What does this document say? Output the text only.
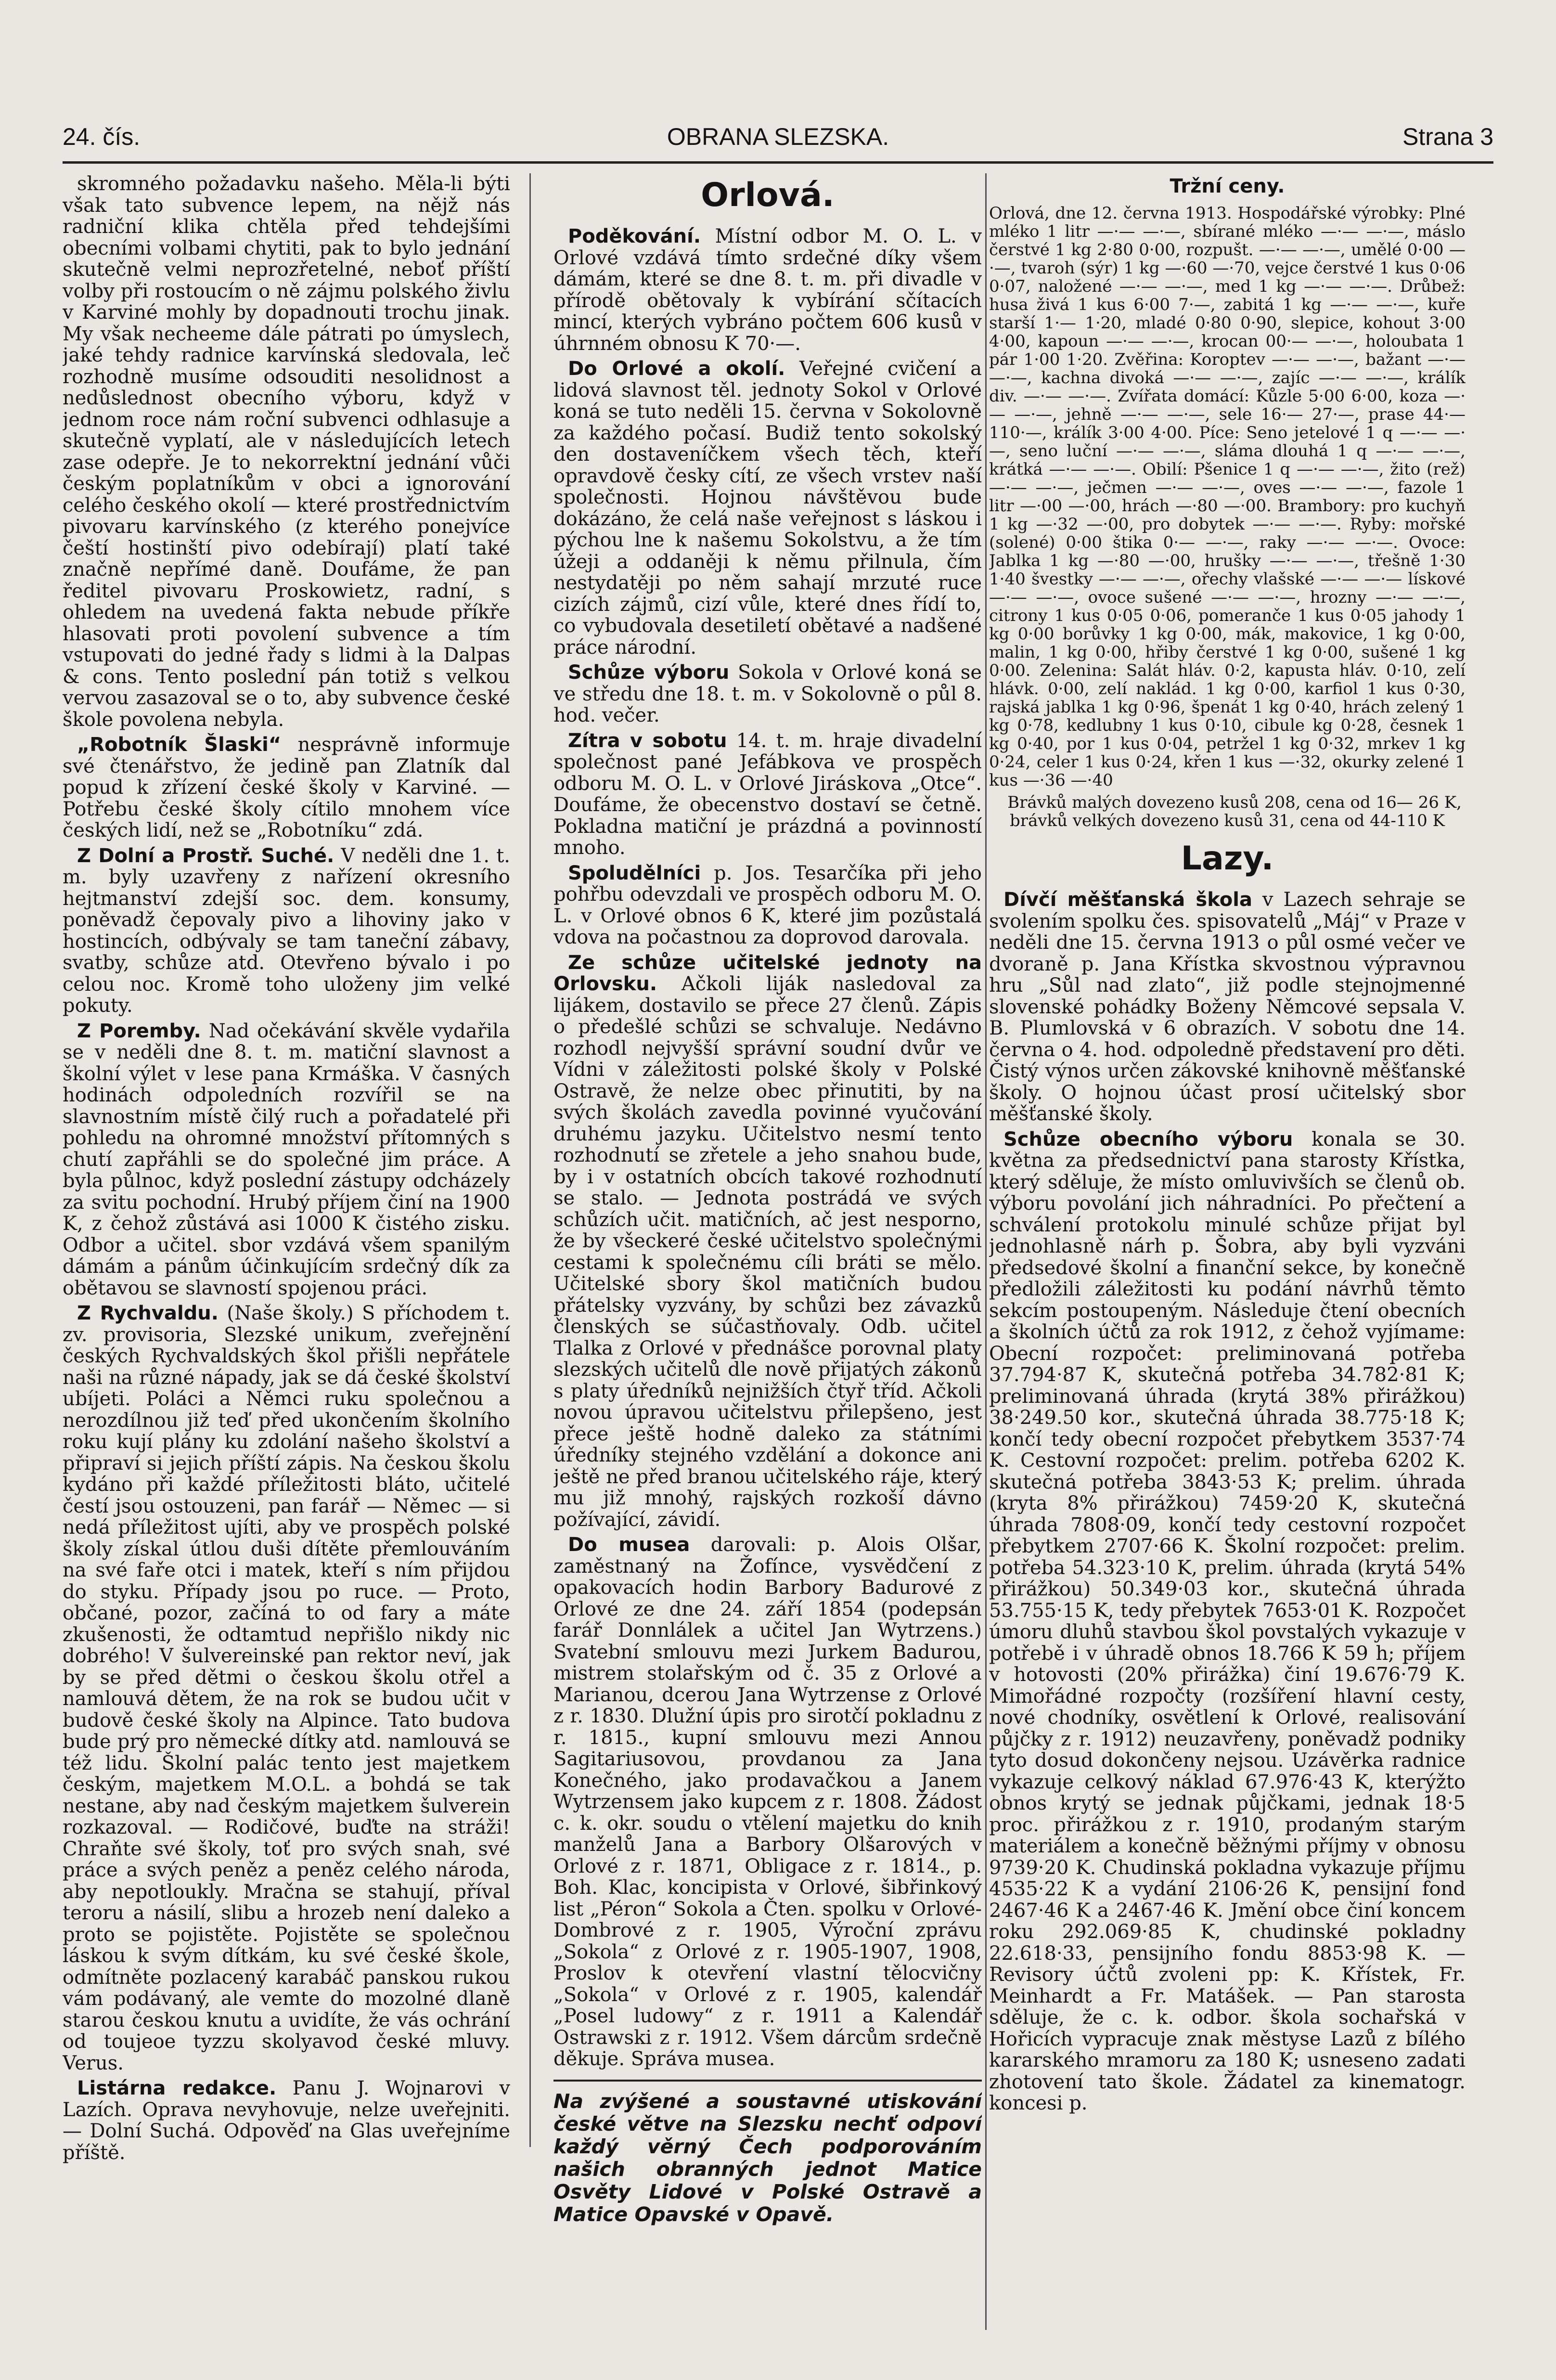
24. čís.	OBRANA SLEZSKA.	Strana 3

skromného požadavku našeho. Měla-li býti však tato subvence lepem, na nějž nás radniční klika chtěla před tehdejšími obecními volbami chytiti, pak to bylo jednání skutečně velmi neprozřetelné, neboť příští volby při rostoucím o ně zájmu polského živlu v Karviné mohly by dopadnouti trochu jinak. My však necheeme dále pátrati po úmyslech, jaké tehdy radnice karvínská sledovala, leč rozhodně musíme odsouditi nesolidnost a nedůslednost obecního výboru, když v jednom roce nám roční subvenci odhlasuje a skutečně vyplatí, ale v následujících letech zase odepře. Je to nekorrektní jednání vůči českým poplatníkům v obci a ignorování celého českého okolí — které prostřednictvím pivovaru karvínského (z kterého ponejvíce čeští hostinští pivo odebírají) platí také značně nepřímé daně. Doufáme, že pan ředitel pivovaru Proskowietz, radní, s ohledem na uvedená fakta nebude příkře hlasovati proti povolení subvence a tím vstupovati do jedné řady s lidmi à la Dalpas & cons. Tento poslední pán totiž s velkou vervou zasazoval se o to, aby subvence české škole povolena nebyla.

„Robotník Šlaski“ nesprávně informuje své čtenářstvo, že jedině pan Zlatník dal popud k zřízení české školy v Karviné. — Potřebu české školy cítilo mnohem více českých lidí, než se „Robotníku“ zdá.

Z Dolní a Prostř. Suché. V neděli dne 1. t. m. byly uzavřeny z nařízení okresního hejtmanství zdejší soc. dem. konsumy, poněvadž čepovaly pivo a lihoviny jako v hostincích, odbývaly se tam taneční zábavy, svatby, schůze atd. Otevřeno bývalo i po celou noc. Kromě toho uloženy jim velké pokuty.

Z Poremby. Nad očekávání skvěle vydařila se v neděli dne 8. t. m. matiční slavnost a školní výlet v lese pana Krmáška. V časných hodinách odpoledních rozvířil se na slavnostním místě čilý ruch a pořadatelé při pohledu na ohromné množství přítomných s chutí zapřáhli se do společné jim práce. A byla půlnoc, když poslední zástupy odcházely za svitu pochodní. Hrubý příjem činí na 1900 K, z čehož zůstává asi 1000 K čistého zisku. Odbor a učitel. sbor vzdává všem spanilým dámám a pánům účinkujícím srdečný dík za obětavou se slavností spojenou práci.

Z Rychvaldu. (Naše školy.) S příchodem t. zv. provisoria, Slezské unikum, zveřejnění českých Rychvaldských škol přišli nepřátele naši na různé nápady, jak se dá české školství ubíjeti. Poláci a Němci ruku společnou a nerozdílnou již teď před ukončením školního roku kují plány ku zdolání našeho školství a připraví si jejich příští zápis. Na českou školu kydáno při každé příležitosti bláto, učitelé čestí jsou ostouzeni, pan farář — Němec — si nedá příležitost ujíti, aby ve prospěch polské školy získal útlou duši dítěte přemlouváním na své faře otci i matek, kteří s ním přijdou do styku. Případy jsou po ruce. — Proto, občané, pozor, začíná to od fary a máte zkušenosti, že odtamtud nepřišlo nikdy nic dobrého! V šulvereinské pan rektor neví, jak by se před dětmi o českou školu otřel a namlouvá dětem, že na rok se budou učit v budově české školy na Alpince. Tato budova bude prý pro německé dítky atd. namlouvá se též lidu. Školní palác tento jest majetkem českým, majetkem M.O.L. a bohdá se tak nestane, aby nad českým majetkem šulverein rozkazoval. — Rodičové, buďte na stráži! Chraňte své školy, toť pro svých snah, své práce a svých peněz a peněz celého národa, aby nepotloukly. Mračna se stahují, příval teroru a násilí, slibu a hrozeb není daleko a proto se pojistěte. Pojistěte se společnou láskou k svým dítkám, ku své české škole, odmítněte pozlacený karabáč panskou rukou vám podávaný, ale vemte do mozolné dlaně starou českou knutu a uvidíte, že vás ochrání od toujeoe tyzzu skolyavod české mluvy. Verus.

Listárna redakce. Panu J. Wojnarovi v Lazích. Oprava nevyhovuje, nelze uveřejniti. — Dolní Suchá. Odpověď na Glas uveřejníme příště.

Orlová.

Poděkování. Místní odbor M. O. L. v Orlové vzdává tímto srdečné díky všem dámám, které se dne 8. t. m. při divadle v přírodě obětovaly k vybírání sčítacích mincí, kterých vybráno počtem 606 kusů v úhrnném obnosu K 70·—.

Do Orlové a okolí. Veřejné cvičení a lidová slavnost těl. jednoty Sokol v Orlové koná se tuto neděli 15. června v Sokolovně za každého počasí. Budiž tento sokolský den dostaveníčkem všech těch, kteří opravdově česky cítí, ze všech vrstev naší společnosti. Hojnou návštěvou bude dokázáno, že celá naše veřejnost s láskou i pýchou lne k našemu Sokolstvu, a že tím úžeji a oddaněji k němu přilnula, čím nestydatěji po něm sahají mrzuté ruce cizích zájmů, cizí vůle, které dnes řídí to, co vybudovala desetiletí obětavé a nadšené práce národní.

Schůze výboru Sokola v Orlové koná se ve středu dne 18. t. m. v Sokolovně o půl 8. hod. večer.

Zítra v sobotu 14. t. m. hraje divadelní společnost pané Jefábkova ve prospěch odboru M. O. L. v Orlové Jiráskova „Otce“. Doufáme, že obecenstvo dostaví se četně. Pokladna matiční je prázdná a povinností mnoho.

Spoludělníci p. Jos. Tesarčíka při jeho pohřbu odevzdali ve prospěch odboru M. O. L. v Orlové obnos 6 K, které jim pozůstalá vdova na počastnou za doprovod darovala.

Ze schůze učitelské jednoty na Orlovsku. Ačkoli liják nasledoval za lijákem, dostavilo se přece 27 členů. Zápis o předešlé schůzi se schvaluje. Nedávno rozhodl nejvyšší správní soudní dvůr ve Vídni v záležitosti polské školy v Polské Ostravě, že nelze obec přinutiti, by na svých školách zavedla povinné vyučování druhému jazyku. Učitelstvo nesmí tento rozhodnutí se zřetele a jeho snahou bude, by i v ostatních obcích takové rozhodnutí se stalo. — Jednota postrádá ve svých schůzích učit. matičních, ač jest nesporno, že by všeckeré české učitelstvo společnými cestami k společnému cíli bráti se mělo. Učitelské sbory škol matičních budou přátelsky vyzvány, by schůzi bez závazků členských se súčastňovaly. Odb. učitel Tlalka z Orlové v přednášce porovnal platy slezských učitelů dle nově přijatých zákonů s platy úředníků nejnižších čtyř tříd. Ačkoli novou úpravou učitelstvu přilepšeno, jest přece ještě hodně daleko za státními úředníky stejného vzdělání a dokonce ani ještě ne před branou učitelského ráje, který mu již mnohý, rajských rozkoší dávno požívající, závidí.

Do musea darovali: p. Alois Olšar, zaměstnaný na Žofínce, vysvědčení z opakovacích hodin Barbory Badurové z Orlové ze dne 24. září 1854 (podepsán farář Donnlálek a učitel Jan Wytrzens.) Svatební smlouvu mezi Jurkem Badurou, mistrem stolařským od č. 35 z Orlové a Marianou, dcerou Jana Wytrzense z Orlové z r. 1830. Dlužní úpis pro sirotčí pokladnu z r. 1815., kupní smlouvu mezi Annou Sagitariusovou, provdanou za Jana Konečného, jako prodavačkou a Janem Wytrzensem jako kupcem z r. 1808. Žádost c. k. okr. soudu o vtělení majetku do knih manželů Jana a Barbory Olšarových v Orlové z r. 1871, Obligace z r. 1814., p. Boh. Klac, koncipista v Orlové, šibřinkový list „Péron“ Sokola a Čten. spolku v Orlové-Dombrové z r. 1905, Výroční zprávu „Sokola“ z Orlové z r. 1905-1907, 1908, Proslov k otevření vlastní tělocvičny „Sokola“ v Orlové z r. 1905, kalendář „Posel ludowy“ z r. 1911 a Kalendář Ostrawski z r. 1912. Všem dárcům srdečně děkuje. Správa musea.

Na zvýšené a soustavné utiskování české větve na Slezsku nechť odpoví každý věrný Čech podporováním našich obranných jednot Matice Osvěty Lidové v Polské Ostravě a Matice Opavské v Opavě.
Tržní ceny.

Orlová, dne 12. června 1913. Hospodářské výrobky: Plné mléko 1 litr —·— —·—, sbírané mléko —·— —·—, máslo čerstvé 1 kg 2·80 0·00, rozpušt. —·— —·—, umělé 0·00 —·—, tvaroh (sýr) 1 kg —·60 —·70, vejce čerstvé 1 kus 0·06 0·07, naložené —·— —·—, med 1 kg —·— —·—. Drůbež: husa živá 1 kus 6·00 7·—, zabitá 1 kg —·— —·—, kuře starší 1·— 1·20, mladé 0·80 0·90, slepice, kohout 3·00 4·00, kapoun —·— —·—, krocan 00·— —·—, holoubata 1 pár 1·00 1·20. Zvěřina: Koroptev —·— —·—, bažant —·— —·—, kachna divoká —·— —·—, zajíc —·— —·—, králík div. —·— —·—. Zvířata domácí: Kůzle 5·00 6·00, koza —·— —·—, jehně —·— —·—, sele 16·— 27·—, prase 44·— 110·—, králík 3·00 4·00. Píce: Seno jetelové 1 q —·— —·—, seno luční —·— —·—, sláma dlouhá 1 q —·— —·—, krátká —·— —·—. Obilí: Pšenice 1 q —·— —·—, žito (rež) —·— —·—, ječmen —·— —·—, oves —·— —·—, fazole 1 litr —·00 —·00, hrách —·80 —·00. Brambory: pro kuchyň 1 kg —·32 —·00, pro dobytek —·— —·—. Ryby: mořské (solené) 0·00 štika 0·— —·—, raky —·— —·—. Ovoce: Jablka 1 kg —·80 —·00, hrušky —·— —·—, třešně 1·30 1·40 švestky —·— —·—, ořechy vlašské —·— —·— lískové —·— —·—, ovoce sušené —·— —·—, hrozny —·— —·—, citrony 1 kus 0·05 0·06, pomeranče 1 kus 0·05 jahody 1 kg 0·00 borůvky 1 kg 0·00, mák, makovice, 1 kg 0·00, malin, 1 kg 0·00, hřiby čerstvé 1 kg 0·00, sušené 1 kg 0·00. Zelenina: Salát hláv. 0·2, kapusta hláv. 0·10, zelí hlávk. 0·00, zelí naklád. 1 kg 0·00, karfiol 1 kus 0·30, rajská jablka 1 kg 0·96, špenát 1 kg 0·40, hrách zelený 1 kg 0·78, kedlubny 1 kus 0·10, cibule kg 0·28, česnek 1 kg 0·40, por 1 kus 0·04, petržel 1 kg 0·32, mrkev 1 kg 0·24, celer 1 kus 0·24, křen 1 kus —·32, okurky zelené 1 kus —·36 —·40

Brávků malých dovezeno kusů 208, cena od 16— 26 K, brávků velkých dovezeno kusů 31, cena od 44-110 K

Lazy.

Dívčí měšťanská škola v Lazech sehraje se svolením spolku čes. spisovatelů „Máj“ v Praze v neděli dne 15. června 1913 o půl osmé večer ve dvoraně p. Jana Křístka skvostnou výpravnou hru „Sůl nad zlato“, již podle stejnojmenné slovenské pohádky Boženy Němcové sepsala V. B. Plumlovská v 6 obrazích. V sobotu dne 14. června o 4. hod. odpoledně představení pro děti. Čistý výnos určen zákovské knihovně měšťanské školy. O hojnou účast prosí učitelský sbor měšťanské školy.

Schůze obecního výboru konala se 30. května za předsednictví pana starosty Křístka, který sděluje, že místo omluvivších se členů ob. výboru povolání jich náhradníci. Po přečtení a schválení protokolu minulé schůze přijat byl jednohlasně nárh p. Šobra, aby byli vyzváni předsedové školní a finanční sekce, by konečně předložili záležitosti ku podání návrhů těmto sekcím postoupeným. Následuje čtení obecních a školních účtů za rok 1912, z čehož vyjímame: Obecní rozpočet: preliminovaná potřeba 37.794·87 K, skutečná potřeba 34.782·81 K; preliminovaná úhrada (krytá 38% přirážkou) 38·249.50 kor., skutečná úhrada 38.775·18 K; končí tedy obecní rozpočet přebytkem 3537·74 K. Cestovní rozpočet: prelim. potřeba 6202 K. skutečná potřeba 3843·53 K; prelim. úhrada (kryta 8% přirážkou) 7459·20 K, skutečná úhrada 7808·09, končí tedy cestovní rozpočet přebytkem 2707·66 K. Školní rozpočet: prelim. potřeba 54.323·10 K, prelim. úhrada (krytá 54% přirážkou) 50.349·03 kor., skutečná úhrada 53.755·15 K, tedy přebytek 7653·01 K. Rozpočet úmoru dluhů stavbou škol povstalých vykazuje v potřebě i v úhradě obnos 18.766 K 59 h; příjem v hotovosti (20% přirážka) činí 19.676·79 K. Mimořádné rozpočty (rozšíření hlavní cesty, nové chodníky, osvětlení k Orlové, realisování půjčky z r. 1912) neuzavřeny, poněvadž podniky tyto dosud dokončeny nejsou. Uzávěrka radnice vykazuje celkový náklad 67.976·43 K, kterýžto obnos krytý se jednak půjčkami, jednak 18·5 proc. přirážkou z r. 1910, prodaným starým materiálem a konečně běžnými příjmy v obnosu 9739·20 K. Chudinská pokladna vykazuje příjmu 4535·22 K a vydání 2106·26 K, pensijní fond 2467·46 K a 2467·46 K. Jmění obce činí koncem roku 292.069·85 K, chudinské pokladny 22.618·33, pensijního fondu 8853·98 K. — Revisory účtů zvoleni pp: K. Křístek, Fr. Meinhardt a Fr. Matášek. — Pan starosta sděluje, že c. k. odbor. škola sochařská v Hořicích vypracuje znak městyse Lazů z bílého kararského mramoru za 180 K; usneseno zadati zhotovení tato škole. Žádatel za kinematogr. koncesi p.
